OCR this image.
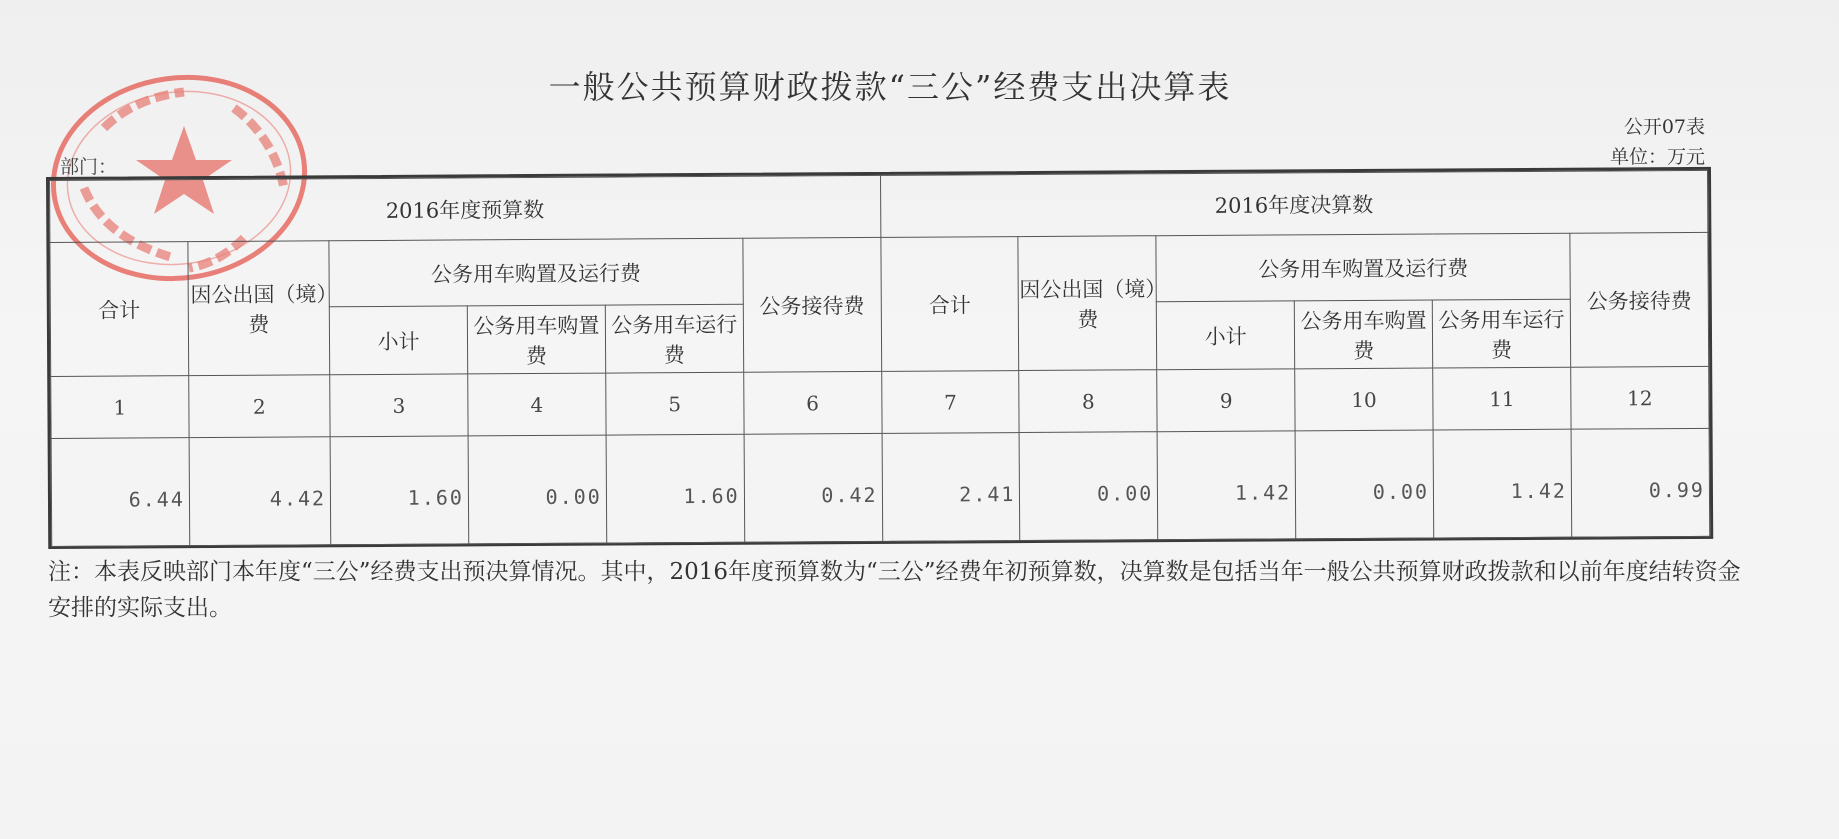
一般公共预算财政拨款“三公”经费支出决算表
公开07表
单位：万元
部门：
2016年度预算数						2016年度决算数					
合计	因公出国（境）费	公务用车购置及运行费			公务接待费	合计	因公出国（境）费	公务用车购置及运行费			公务接待费
		小计	公务用车购置费	公务用车运行费				小计	公务用车购置费	公务用车运行费	
1	2	3	4	5	6	7	8	9	10	11	12
6.44	4.42	1.60	0.00	1.60	0.42	2.41	0.00	1.42	0.00	1.42	0.99
注：本表反映部门本年度“三公”经费支出预决算情况。其中，2016年度预算数为“三公”经费年初预算数，决算数是包括当年一般公共预算财政拨款和以前年度结转资金安排的实际支出。
